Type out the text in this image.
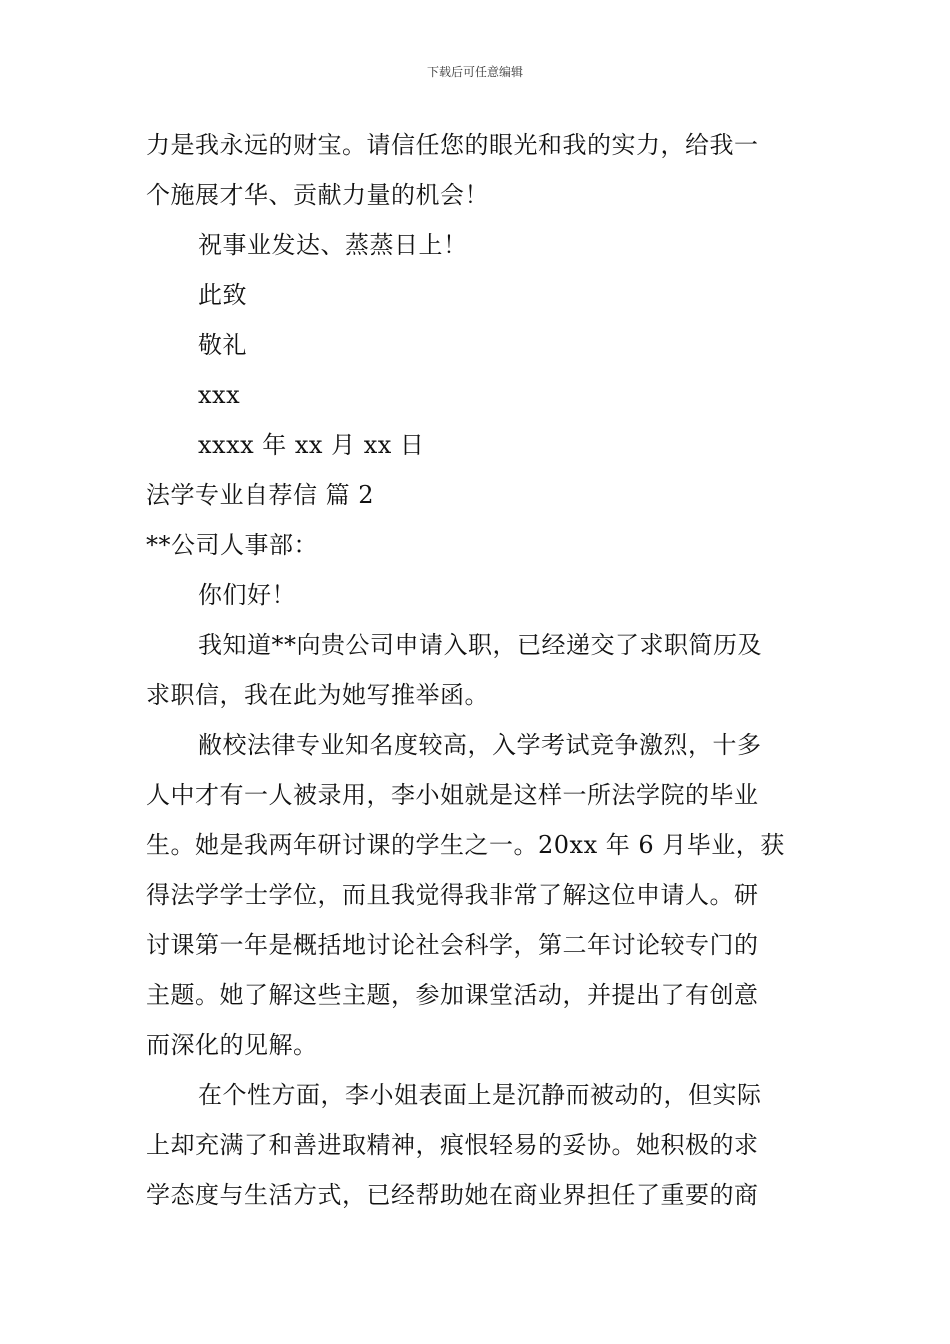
下载后可任意编辑
力是我永远的财宝。请信任您的眼光和我的实力，给我一
个施展才华、贡献力量的机会！
祝事业发达、蒸蒸日上！
此致
敬礼
xxx
xxxx 年 xx 月 xx 日
法学专业自荐信 篇 2
**公司人事部：
你们好！
我知道**向贵公司申请入职，已经递交了求职简历及
求职信，我在此为她写推举函。
敝校法律专业知名度较高，入学考试竞争激烈，十多
人中才有一人被录用，李小姐就是这样一所法学院的毕业
生。她是我两年研讨课的学生之一。20xx 年 6 月毕业，获
得法学学士学位，而且我觉得我非常了解这位申请人。研
讨课第一年是概括地讨论社会科学，第二年讨论较专门的
主题。她了解这些主题，参加课堂活动，并提出了有创意
而深化的见解。
在个性方面，李小姐表面上是沉静而被动的，但实际
上却充满了和善进取精神，痕恨轻易的妥协。她积极的求
学态度与生活方式，已经帮助她在商业界担任了重要的商
